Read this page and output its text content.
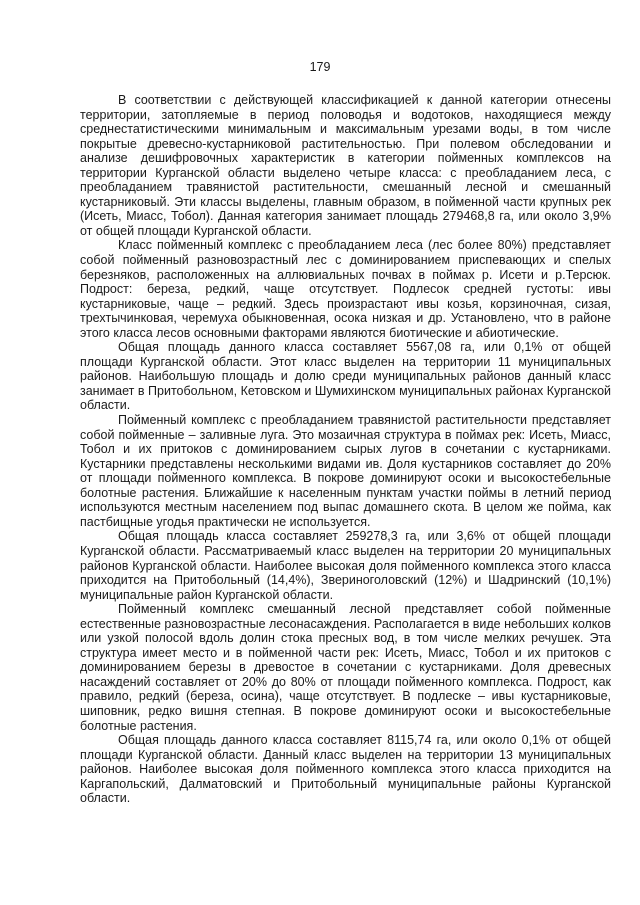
179

В соответствии с действующей классификацией к данной категории отнесены территории, затопляемые в период половодья и водотоков, находящиеся между среднестатистическими минимальным и максимальным урезами воды, в том числе покрытые древесно-кустарниковой растительностью. При полевом обследовании и анализе дешифровочных характеристик в категории пойменных комплексов на территории Курганской области выделено четыре класса: с преобладанием леса, с преобладанием травянистой растительности, смешанный лесной и смешанный кустарниковый. Эти классы выделены, главным образом, в пойменной части крупных рек (Исеть, Миасс, Тобол). Данная категория занимает площадь 279468,8 га, или около 3,9% от общей площади Курганской области.

Класс пойменный комплекс с преобладанием леса (лес более 80%) представляет собой пойменный разновозрастный лес с доминированием приспевающих и спелых березняков, расположенных на аллювиальных почвах в поймах р. Исети и р.Терсюк. Подрост: береза, редкий, чаще отсутствует. Подлесок средней густоты: ивы кустарниковые, чаще – редкий. Здесь произрастают ивы козья, корзиночная, сизая, трехтычинковая, черемуха обыкновенная, осока низкая и др. Установлено, что в районе этого класса лесов основными факторами являются биотические и абиотические.

Общая площадь данного класса составляет 5567,08 га, или 0,1% от общей площади Курганской области. Этот класс выделен на территории 11 муниципальных районов. Наибольшую площадь и долю среди муниципальных районов данный класс занимает в Притобольном, Кетовском и Шумихинском муниципальных районах Курганской области.

Пойменный комплекс с преобладанием травянистой растительности представляет собой пойменные – заливные луга. Это мозаичная структура в поймах рек: Исеть, Миасс, Тобол и их притоков с доминированием сырых лугов в сочетании с кустарниками. Кустарники представлены несколькими видами ив. Доля кустарников составляет до 20% от площади пойменного комплекса. В покрове доминируют осоки и высокостебельные болотные растения. Ближайшие к населенным пунктам участки поймы в летний период используются местным населением под выпас домашнего скота. В целом же пойма, как пастбищные угодья практически не используется.

Общая площадь класса составляет 259278,3 га, или 3,6% от общей площади Курганской области. Рассматриваемый класс выделен на территории 20 муниципальных районов Курганской области. Наиболее высокая доля пойменного комплекса этого класса приходится на Притобольный (14,4%), Звериноголовский (12%) и Шадринский (10,1%) муниципальные район Курганской области.

Пойменный комплекс смешанный лесной представляет собой пойменные естественные разновозрастные лесонасаждения. Располагается в виде небольших колков или узкой полосой вдоль долин стока пресных вод, в том числе мелких речушек. Эта структура имеет место и в пойменной части рек: Исеть, Миасс, Тобол и их притоков с доминированием березы в древостое в сочетании с кустарниками. Доля древесных насаждений составляет от 20% до 80% от площади пойменного комплекса. Подрост, как правило, редкий (береза, осина), чаще отсутствует. В подлеске – ивы кустарниковые, шиповник, редко вишня степная. В покрове доминируют осоки и высокостебельные болотные растения.

Общая площадь данного класса составляет 8115,74 га, или около 0,1% от общей площади Курганской области. Данный класс выделен на территории 13 муниципальных районов. Наиболее высокая доля пойменного комплекса этого класса приходится на Каргапольский, Далматовский и Притобольный муниципальные районы Курганской области.
